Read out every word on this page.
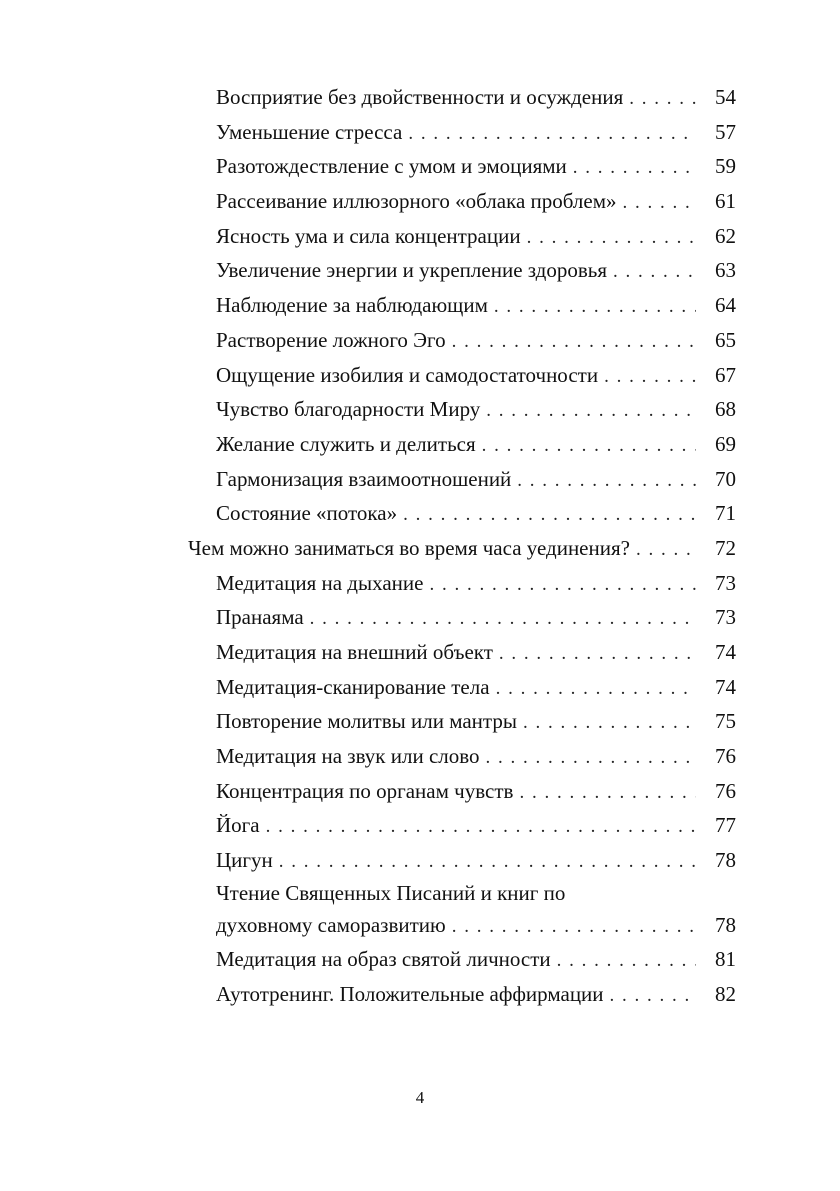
Восприятие без двойственности и осуждения . . .	54
Уменьшение стресса . . .	57
Разотождествление с умом и эмоциями . . .	59
Рассеивание иллюзорного «облака проблем» . . .	61
Ясность ума и сила концентрации . . .	62
Увеличение энергии и укрепление здоровья . . .	63
Наблюдение за наблюдающим . . .	64
Растворение ложного Эго . . .	65
Ощущение изобилия и самодостаточности . . .	67
Чувство благодарности Миру . . .	68
Желание служить и делиться . . .	69
Гармонизация взаимоотношений . . .	70
Состояние «потока» . . .	71
Чем можно заниматься во время часа уединения? . . .	72
Медитация на дыхание . . .	73
Пранаяма . . .	73
Медитация на внешний объект . . .	74
Медитация-сканирование тела . . .	74
Повторение молитвы или мантры . . .	75
Медитация на звук или слово . . .	76
Концентрация по органам чувств . . .	76
Йога . . .	77
Цигун . . .	78
Чтение Священных Писаний и книг по
духовному саморазвитию . . .	78
Медитация на образ святой личности . . .	81
Аутотренинг. Положительные аффирмации . . .	82
4
